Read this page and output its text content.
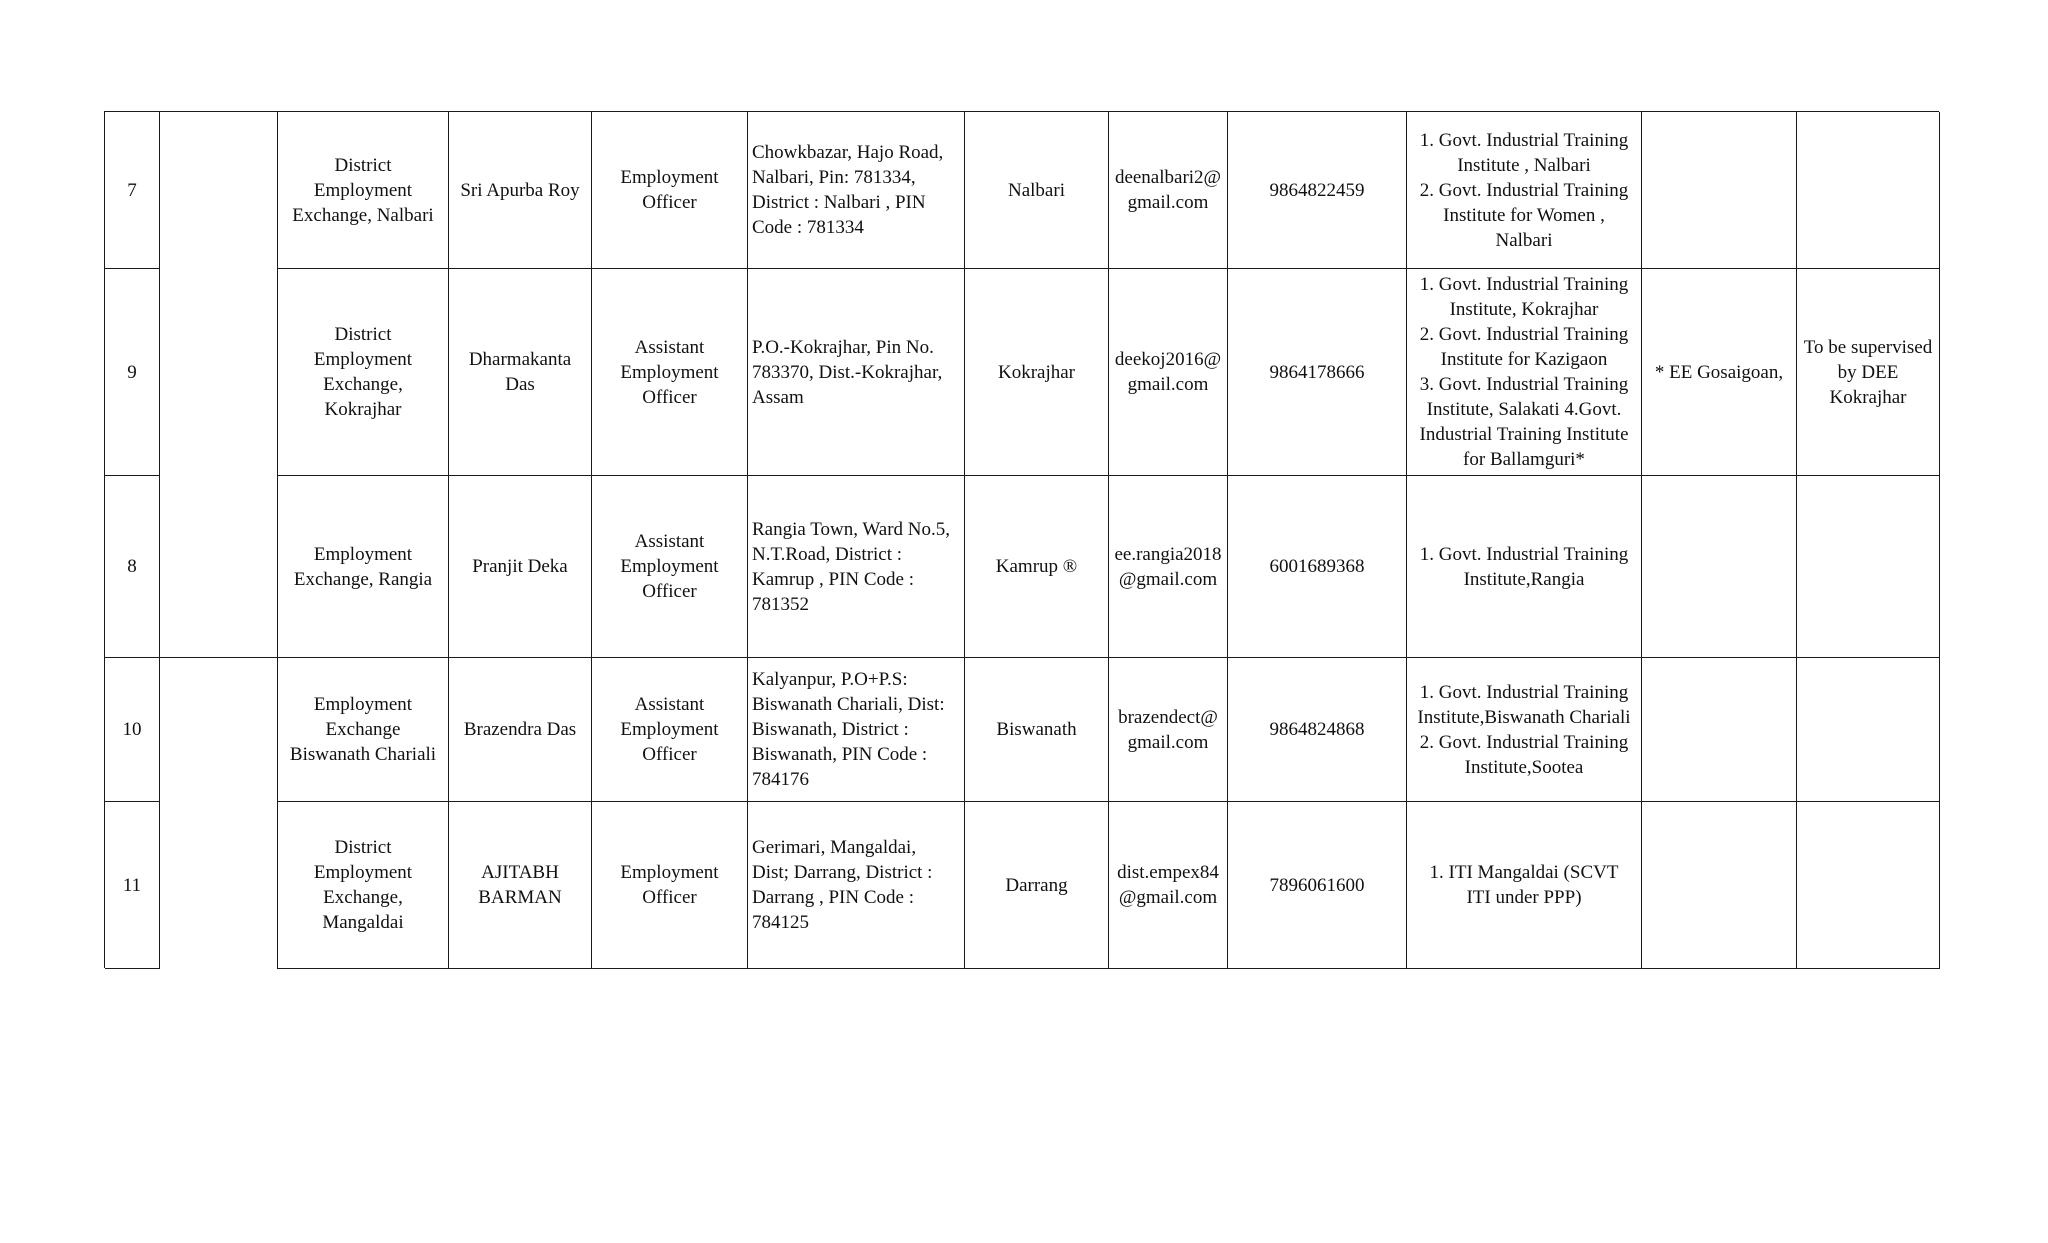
7
District
Employment
Exchange, Nalbari
Sri Apurba Roy
Employment
Officer
Chowkbazar, Hajo Road,
Nalbari, Pin: 781334,
District : Nalbari , PIN
Code : 781334
Nalbari
deenalbari2@
gmail.com
9864822459
1. Govt. Industrial Training
Institute , Nalbari
2. Govt. Industrial Training
Institute for Women ,
Nalbari
9
District
Employment
Exchange,
Kokrajhar
Dharmakanta
Das
Assistant
Employment
Officer
P.O.-Kokrajhar, Pin No.
783370, Dist.-Kokrajhar,
Assam
Kokrajhar
deekoj2016@
gmail.com
9864178666
1. Govt. Industrial Training
Institute, Kokrajhar
2. Govt. Industrial Training
Institute for Kazigaon
3. Govt. Industrial Training
Institute, Salakati 4.Govt.
Industrial Training Institute
for Ballamguri*
* EE Gosaigoan,
To be supervised
by DEE
Kokrajhar
8
Employment
Exchange, Rangia
Pranjit Deka
Assistant
Employment
Officer
Rangia Town, Ward No.5,
N.T.Road, District :
Kamrup , PIN Code :
781352
Kamrup ®
ee.rangia2018
@gmail.com
6001689368
1. Govt. Industrial Training
Institute,Rangia
10
Employment
Exchange
Biswanath Chariali
Brazendra Das
Assistant
Employment
Officer
Kalyanpur, P.O+P.S:
Biswanath Chariali, Dist:
Biswanath, District :
Biswanath, PIN Code :
784176
Biswanath
brazendect@
gmail.com
9864824868
1. Govt. Industrial Training
Institute,Biswanath Chariali
2. Govt. Industrial Training
Institute,Sootea
11
District
Employment
Exchange,
Mangaldai
AJITABH
BARMAN
Employment
Officer
Gerimari, Mangaldai,
Dist; Darrang, District :
Darrang , PIN Code :
784125
Darrang
dist.empex84
@gmail.com
7896061600
1. ITI Mangaldai (SCVT
ITI under PPP)
